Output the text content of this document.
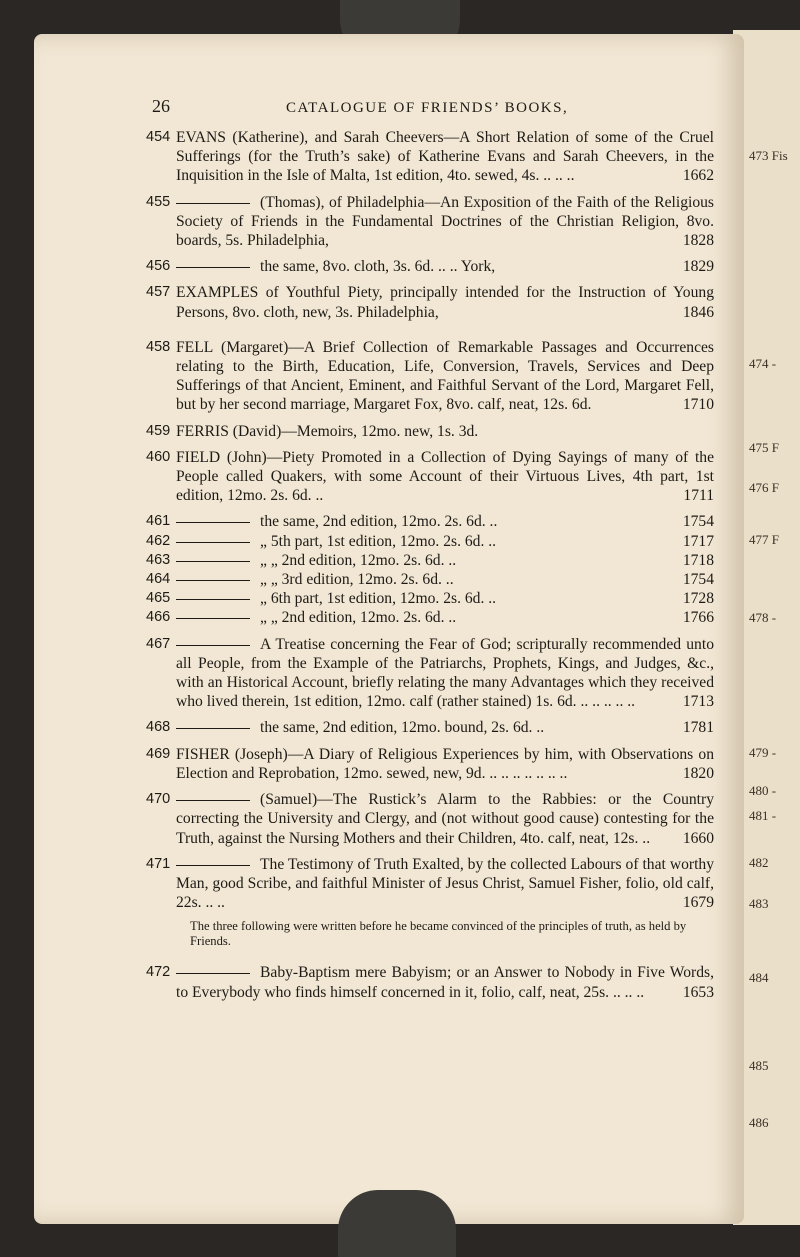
473 Fis
474 -
475 F
476 F
477 F
478 -
479 -
480 -
481 -
482
483
484
485
486
26	CATALOGUE OF FRIENDS’ BOOKS,
454 EVANS (Katherine), and Sarah Cheevers—A Short Relation of some of the Cruel Sufferings (for the Truth’s sake) of Katherine Evans and Sarah Cheevers, in the Inquisition in the Isle of Malta, 1st edition, 4to. sewed, 4s. .. .. ..	1662
455	(Thomas), of Philadelphia—An Exposition of the Faith of the Religious Society of Friends in the Fundamental Doctrines of the Christian Religion, 8vo. boards, 5s. Philadelphia,	1828
456	the same, 8vo. cloth, 3s. 6d. .. .. York,	1829
457 EXAMPLES of Youthful Piety, principally intended for the Instruction of Young Persons, 8vo. cloth, new, 3s. Philadelphia,	1846
458 FELL (Margaret)—A Brief Collection of Remarkable Passages and Occurrences relating to the Birth, Education, Life, Conversion, Travels, Services and Deep Sufferings of that Ancient, Eminent, and Faithful Servant of the Lord, Margaret Fell, but by her second marriage, Margaret Fox, 8vo. calf, neat, 12s. 6d.	1710
459 FERRIS (David)—Memoirs, 12mo. new, 1s. 3d.
460 FIELD (John)—Piety Promoted in a Collection of Dying Sayings of many of the People called Quakers, with some Account of their Virtuous Lives, 4th part, 1st edition, 12mo. 2s. 6d. ..	1711
461	the same, 2nd edition, 12mo. 2s. 6d. ..	1754
462	„ 5th part, 1st edition, 12mo. 2s. 6d. ..	1717
463	„ „ 2nd edition, 12mo. 2s. 6d. ..	1718
464	„ „ 3rd edition, 12mo. 2s. 6d. ..	1754
465	„ 6th part, 1st edition, 12mo. 2s. 6d. ..	1728
466	„ „ 2nd edition, 12mo. 2s. 6d. ..	1766
467	A Treatise concerning the Fear of God; scripturally recommended unto all People, from the Example of the Patriarchs, Prophets, Kings, and Judges, &c., with an Historical Account, briefly relating the many Advantages which they received who lived therein, 1st edition, 12mo. calf (rather stained) 1s. 6d. .. .. .. .. ..	1713
468	the same, 2nd edition, 12mo. bound, 2s. 6d. ..	1781
469 FISHER (Joseph)—A Diary of Religious Experiences by him, with Observations on Election and Reprobation, 12mo. sewed, new, 9d. .. .. .. .. .. .. ..	1820
470	(Samuel)—The Rustick’s Alarm to the Rabbies: or the Country correcting the University and Clergy, and (not without good cause) contesting for the Truth, against the Nursing Mothers and their Children, 4to. calf, neat, 12s. .. 1660
471	The Testimony of Truth Exalted, by the collected Labours of that worthy Man, good Scribe, and faithful Minister of Jesus Christ, Samuel Fisher, folio, old calf, 22s. .. ..	1679
The three following were written before he became convinced of the principles of truth, as held by Friends.
472	Baby-Baptism mere Babyism; or an Answer to Nobody in Five Words, to Everybody who finds himself concerned in it, folio, calf, neat, 25s. .. .. .. 1653
